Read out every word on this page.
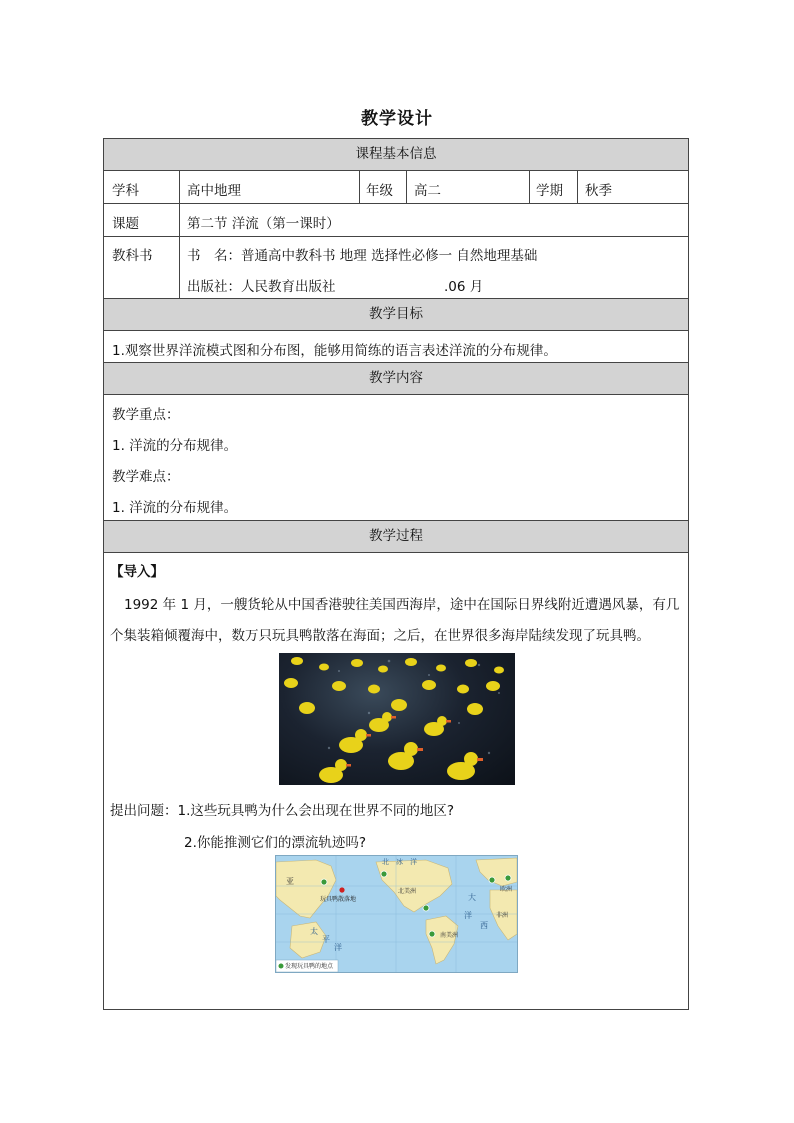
教学设计
课程基本信息
学科	高中地理	年级 高二	学期 秋季
课题	第二节 洋流（第一课时）
教科书	书　名：普通高中教科书 地理 选择性必修一 自然地理基础
出版社：人民教育出版社	.06 月
教学目标
1.观察世界洋流模式图和分布图，能够用简练的语言表述洋流的分布规律。
教学内容
教学重点：
1. 洋流的分布规律。
教学难点：
1. 洋流的分布规律。
教学过程
【导入】
1992 年 1 月，一艘货轮从中国香港驶往美国西海岸，途中在国际日界线附近遭遇风暴，有几
个集装箱倾覆海中，数万只玩具鸭散落在海面；之后，在世界很多海岸陆续发现了玩具鸭。
提出问题：1.这些玩具鸭为什么会出现在世界不同的地区?
2.你能推测它们的漂流轨迹吗?
北　冰　洋
亚
玩具鸭散落地
北美洲	欧洲
非洲
南美洲
太
平
洋
大
西
洋
发现玩具鸭的地点
